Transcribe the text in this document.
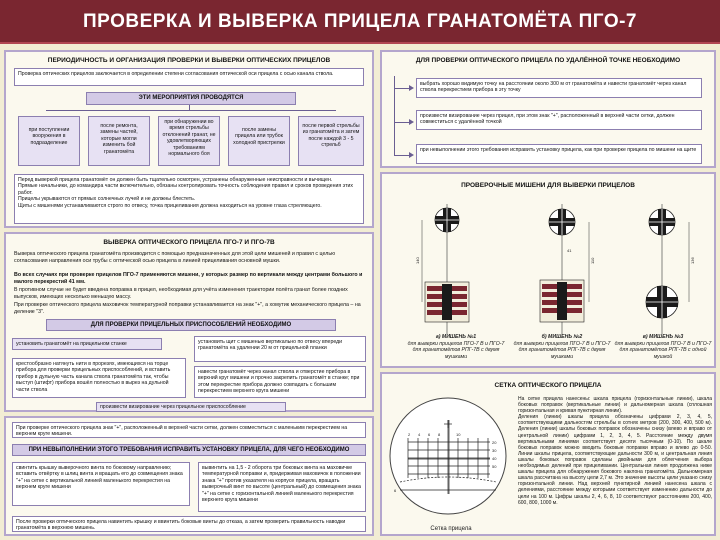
ПРОВЕРКА И ВЫВЕРКА ПРИЦЕЛА ГРАНАТОМЁТА ПГО-7
ПЕРИОДИЧНОСТЬ И ОРГАНИЗАЦИЯ ПРОВЕРКИ И ВЫВЕРКИ ОПТИЧЕСКИХ ПРИЦЕЛОВ
Проверка оптических прицелов заключается в определении степени согласования оптической оси прицела с осью канала ствола.
ЭТИ МЕРОПРИЯТИЯ ПРОВОДЯТСЯ
при поступлении вооружения в подразделение
после ремонта, замены частей, которые могли изменить бой гранатомёта
при обнаружении во время стрельбы отклонений гранат, не удовлетворяющих требованиям нормального боя
после замены прицела или трубок холодной пристрелки
после первой стрельбы из гранатомёта и затем после каждой 3 - 5 стрельб
Перед выверкой прицела гранатомёт он должен быть тщательно осмотрен, устранены обнаруженные неисправности и вычищен.
Прямые начальники, до командира части включительно, обязаны контролировать точность соблюдения правил и сроков проведения этих работ.
Прицелы укрываются от прямых солнечных лучей и не должны блестеть.
Щиты с мишенями устанавливаются строго по отвесу, точка прицеливания должна находиться на уровне глаза стреляющего.
ВЫВЕРКА ОПТИЧЕСКОГО ПРИЦЕЛА ПГО-7 И ПГО-7В
Выверка оптического прицела гранатомёта производится с помощью предназначенных для этой цели мишеней и правил с целью согласования направления оси трубы с оптической осью прицела в линией прицеливания основной мушки.
Во всех случаях при проверке прицелов ПГО-7 применяются мишени, у которых размер по вертикали между центрами большого и малого перекрестий 41 мм.
В противном случае не будет введена поправка в прицел, необходимая для учёта изменения траектории полёта гранат более поздних выпусков, имеющих несколько меньшую массу.
При проверке оптического прицела маховичок температурной поправки устанавливается на знак "+", а хомутик механического прицела – на деление "3".
ДЛЯ ПРОВЕРКИ ПРИЦЕЛЬНЫХ ПРИСПОСОБЛЕНИЙ НЕОБХОДИМО
установить гранатомёт на прицельном станке	установить щит с мишенью вертикально по отвесу впереди гранатомёта на удалении 20 м от прицельной планки
крестообразно натянуть нити в прорезях, имеющихся на торце прибора для проверки прицельных приспособлений, и вставить прибор в дульную часть канала ствола гранатомёта так, чтобы выступ (штифт) прибора вошёл полностью в вырез на дульной части ствола
навести гранатомёт через канал ствола и отверстие прибора в верхний круг мишени и прочно закрепить гранатомёт в станке; при этом перекрестие прибора должно совпадать с большим перекрестием верхнего круга мишени
произвести визирование через прицельное приспособление
При проверке оптического прицела знак "+", расположенный в верхней части сетки, должен совместиться с маленьким перекрестием на верхнем круге мишени.
ПРИ НЕВЫПОЛНЕНИИ ЭТОГО ТРЕБОВАНИЯ ИСПРАВИТЬ УСТАНОВКУ ПРИЦЕЛА, ДЛЯ ЧЕГО НЕОБХОДИМО
свинтить крышку выверочного винта по боковому направлению; вставить отвёртку в шлиц винта и вращать его до совмещения знака "+" на сетке с вертикальной линией маленького перекрестия на верхнем круге мишени
вывинтить на 1,5 - 2 оборота три боковых винта на маховичке температурной поправки и, придерживая маховичок в положении знака "+" против указателя на корпусе прицела, вращать выверочный винт по высоте (центральный) до совмещения знака "+" на сетке с горизонтальной линией маленького перекрестия верхнего круга мишени
После проверки оптического прицела навинтить крышку и ввинтить боковые винты до отказа, а затем проверить правильность наводки гранатомёта в верхнюю мишень.
ДЛЯ ПРОВЕРКИ ОПТИЧЕСКОГО ПРИЦЕЛА ПО УДАЛЁННОЙ ТОЧКЕ НЕОБХОДИМО
выбрать хорошо видимую точку на расстоянии около 300 м от гранатомёта и навести гранатомёт через канал ствола перекрестием прибора в эту точку
произвести визирование через прицел, при этом знак "+", расположенный в верхней части сетки, должен совместиться с удалённой точкой
при невыполнении этого требования исправить установку прицела, как при проверке прицела по мишени на щите
ПРОВЕРОЧНЫЕ МИШЕНИ ДЛЯ ВЫВЕРКИ ПРИЦЕЛОВ
140	110
41
136
а) МИШЕНЬ №1
для выверки прицелов ПГО-7 В и ПГО-7 для гранатомётов РПГ-7В с двумя мушками
б) МИШЕНЬ №2
для выверки прицелов ПГО-7 В и ПГО-7 для гранатомётов РПГ-7В с двумя мушками
в) МИШЕНЬ №3
для выверки прицелов ПГО-7 В и ПГО-7 для гранатомётов РПГ-7В с одной мушкой
СЕТКА ОПТИЧЕСКОГО ПРИЦЕЛА
2 4 6 8	10
20
30
40
50
6
Сетка прицела
На сетке прицела нанесены: шкала прицела (горизонтальные линии), шкала боковых поправок (вертикальные линии) и дальномерная шкала (сплошная горизонтальная и кривая пунктирная линии).
Деления (линии) шкалы прицела обозначены цифрами 2, 3, 4, 5, соответствующими дальностям стрельбы в сотнях метров (200, 300, 400, 500 м). Деления (линии) шкалы боковых поправок обозначены снизу (влево и вправо от центральной линии) цифрами 1, 2, 3, 4, 5. Расстояние между двумя вертикальными линиями соответствует десяти тысячным (0-10). По шкале боковых поправок можно вводить боковые поправки вправо и влево до 0-50. Линии шкалы прицела, соответствующие дальности 300 м, и центральная линия шкалы боковых поправок сделаны двойными для облегчения выбора необходимых делений при прицеливании. Центральная линия продолжена ниже шкалы прицела для обнаружения бокового наклона гранатомёта. Дальномерная шкала рассчитана на высоту цели 2,7 м. Это значение высоты цели указано снизу горизонтальной линии. Над верхней пунктирной линией нанесена шкала с делениями, расстояние между которыми соответствует изменению дальности до цели на 100 м. Цифры шкалы 2, 4, 6, 8, 10 соответствуют расстояниям 200, 400, 600, 800, 1000 м.
